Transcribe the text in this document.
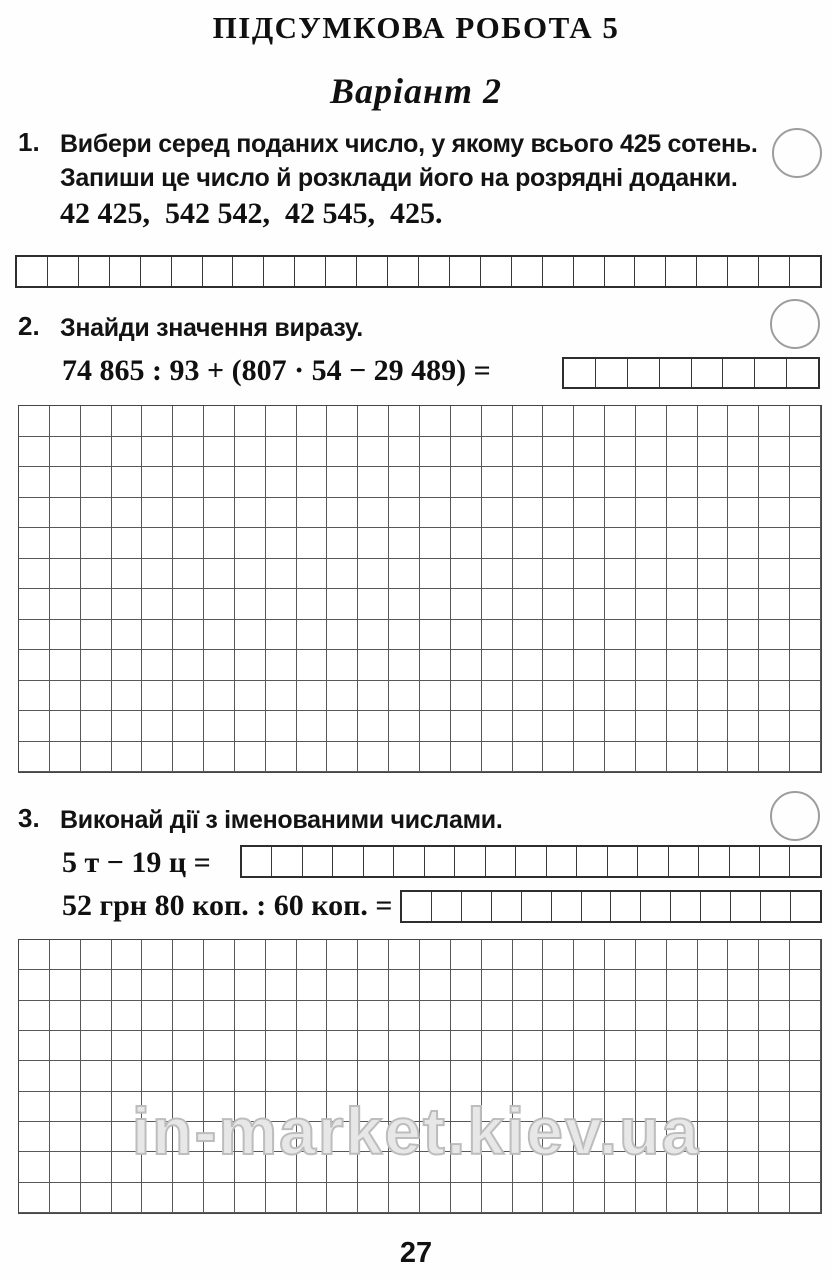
ПІДСУМКОВА РОБОТА 5
Варіант 2
1. Вибери серед поданих число, у якому всього 425 сотень.
Запиши це число й розклади його на розрядні доданки.
42 425,  542 542,  42 545,  425.
2. Знайди значення виразу.
74 865 : 93 + (807 · 54 − 29 489) =
3. Виконай дії з іменованими числами.
5 т − 19 ц =
52 грн 80 коп. : 60 коп. =
in-market.kiev.ua
27
